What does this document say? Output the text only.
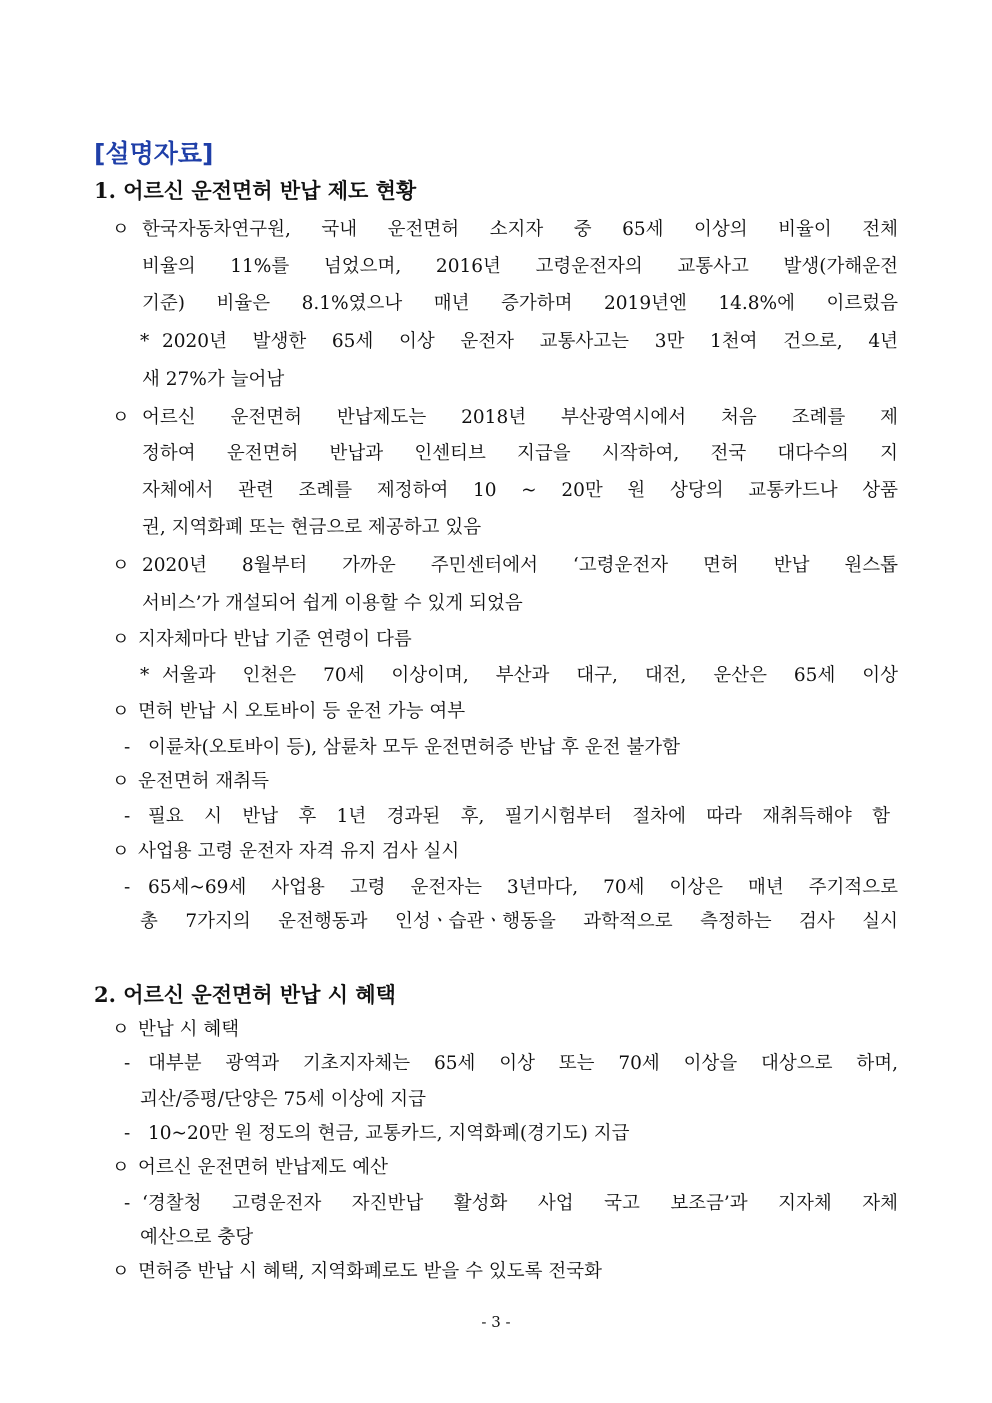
[설명자료]
1. 어르신 운전면허 반납 제도 현황
ㅇ 한국자동차연구원, 국내 운전면허 소지자 중 65세 이상의 비율이 전체
비율의 11%를 넘었으며, 2016년 고령운전자의 교통사고 발생(가해운전
기준) 비율은 8.1%였으나 매년 증가하며 2019년엔 14.8%에 이르렀음
* 2020년 발생한 65세 이상 운전자 교통사고는 3만 1천여 건으로, 4년
새 27%가 늘어남
ㅇ 어르신 운전면허 반납제도는 2018년 부산광역시에서 처음 조례를 제
정하여 운전면허 반납과 인센티브 지급을 시작하여, 전국 대다수의 지
자체에서 관련 조례를 제정하여 10 ~ 20만 원 상당의 교통카드나 상품
권, 지역화폐 또는 현금으로 제공하고 있음
ㅇ 2020년 8월부터 가까운 주민센터에서 ‘고령운전자 면허 반납 원스톱
서비스’가 개설되어 쉽게 이용할 수 있게 되었음
ㅇ 지자체마다 반납 기준 연령이 다름
* 서울과 인천은 70세 이상이며, 부산과 대구, 대전, 운산은 65세 이상
ㅇ 면허 반납 시 오토바이 등 운전 가능 여부
- 이륜차(오토바이 등), 삼륜차 모두 운전면허증 반납 후 운전 불가함
ㅇ 운전면허 재취득
- 필요 시 반납 후 1년 경과된 후, 필기시험부터 절차에 따라 재취득해야 함
ㅇ 사업용 고령 운전자 자격 유지 검사 실시
- 65세~69세 사업용 고령 운전자는 3년마다, 70세 이상은 매년 주기적으로
총 7가지의 운전행동과 인성ㆍ습관ㆍ행동을 과학적으로 측정하는 검사 실시
2. 어르신 운전면허 반납 시 혜택
ㅇ 반납 시 혜택
- 대부분 광역과 기초지자체는 65세 이상 또는 70세 이상을 대상으로 하며,
괴산/증평/단양은 75세 이상에 지급
- 10~20만 원 정도의 현금, 교통카드, 지역화폐(경기도) 지급
ㅇ 어르신 운전면허 반납제도 예산
- ‘경찰청 고령운전자 자진반납 활성화 사업 국고 보조금’과 지자체 자체
예산으로 충당
ㅇ 면허증 반납 시 혜택, 지역화폐로도 받을 수 있도록 전국화
- 3 -
